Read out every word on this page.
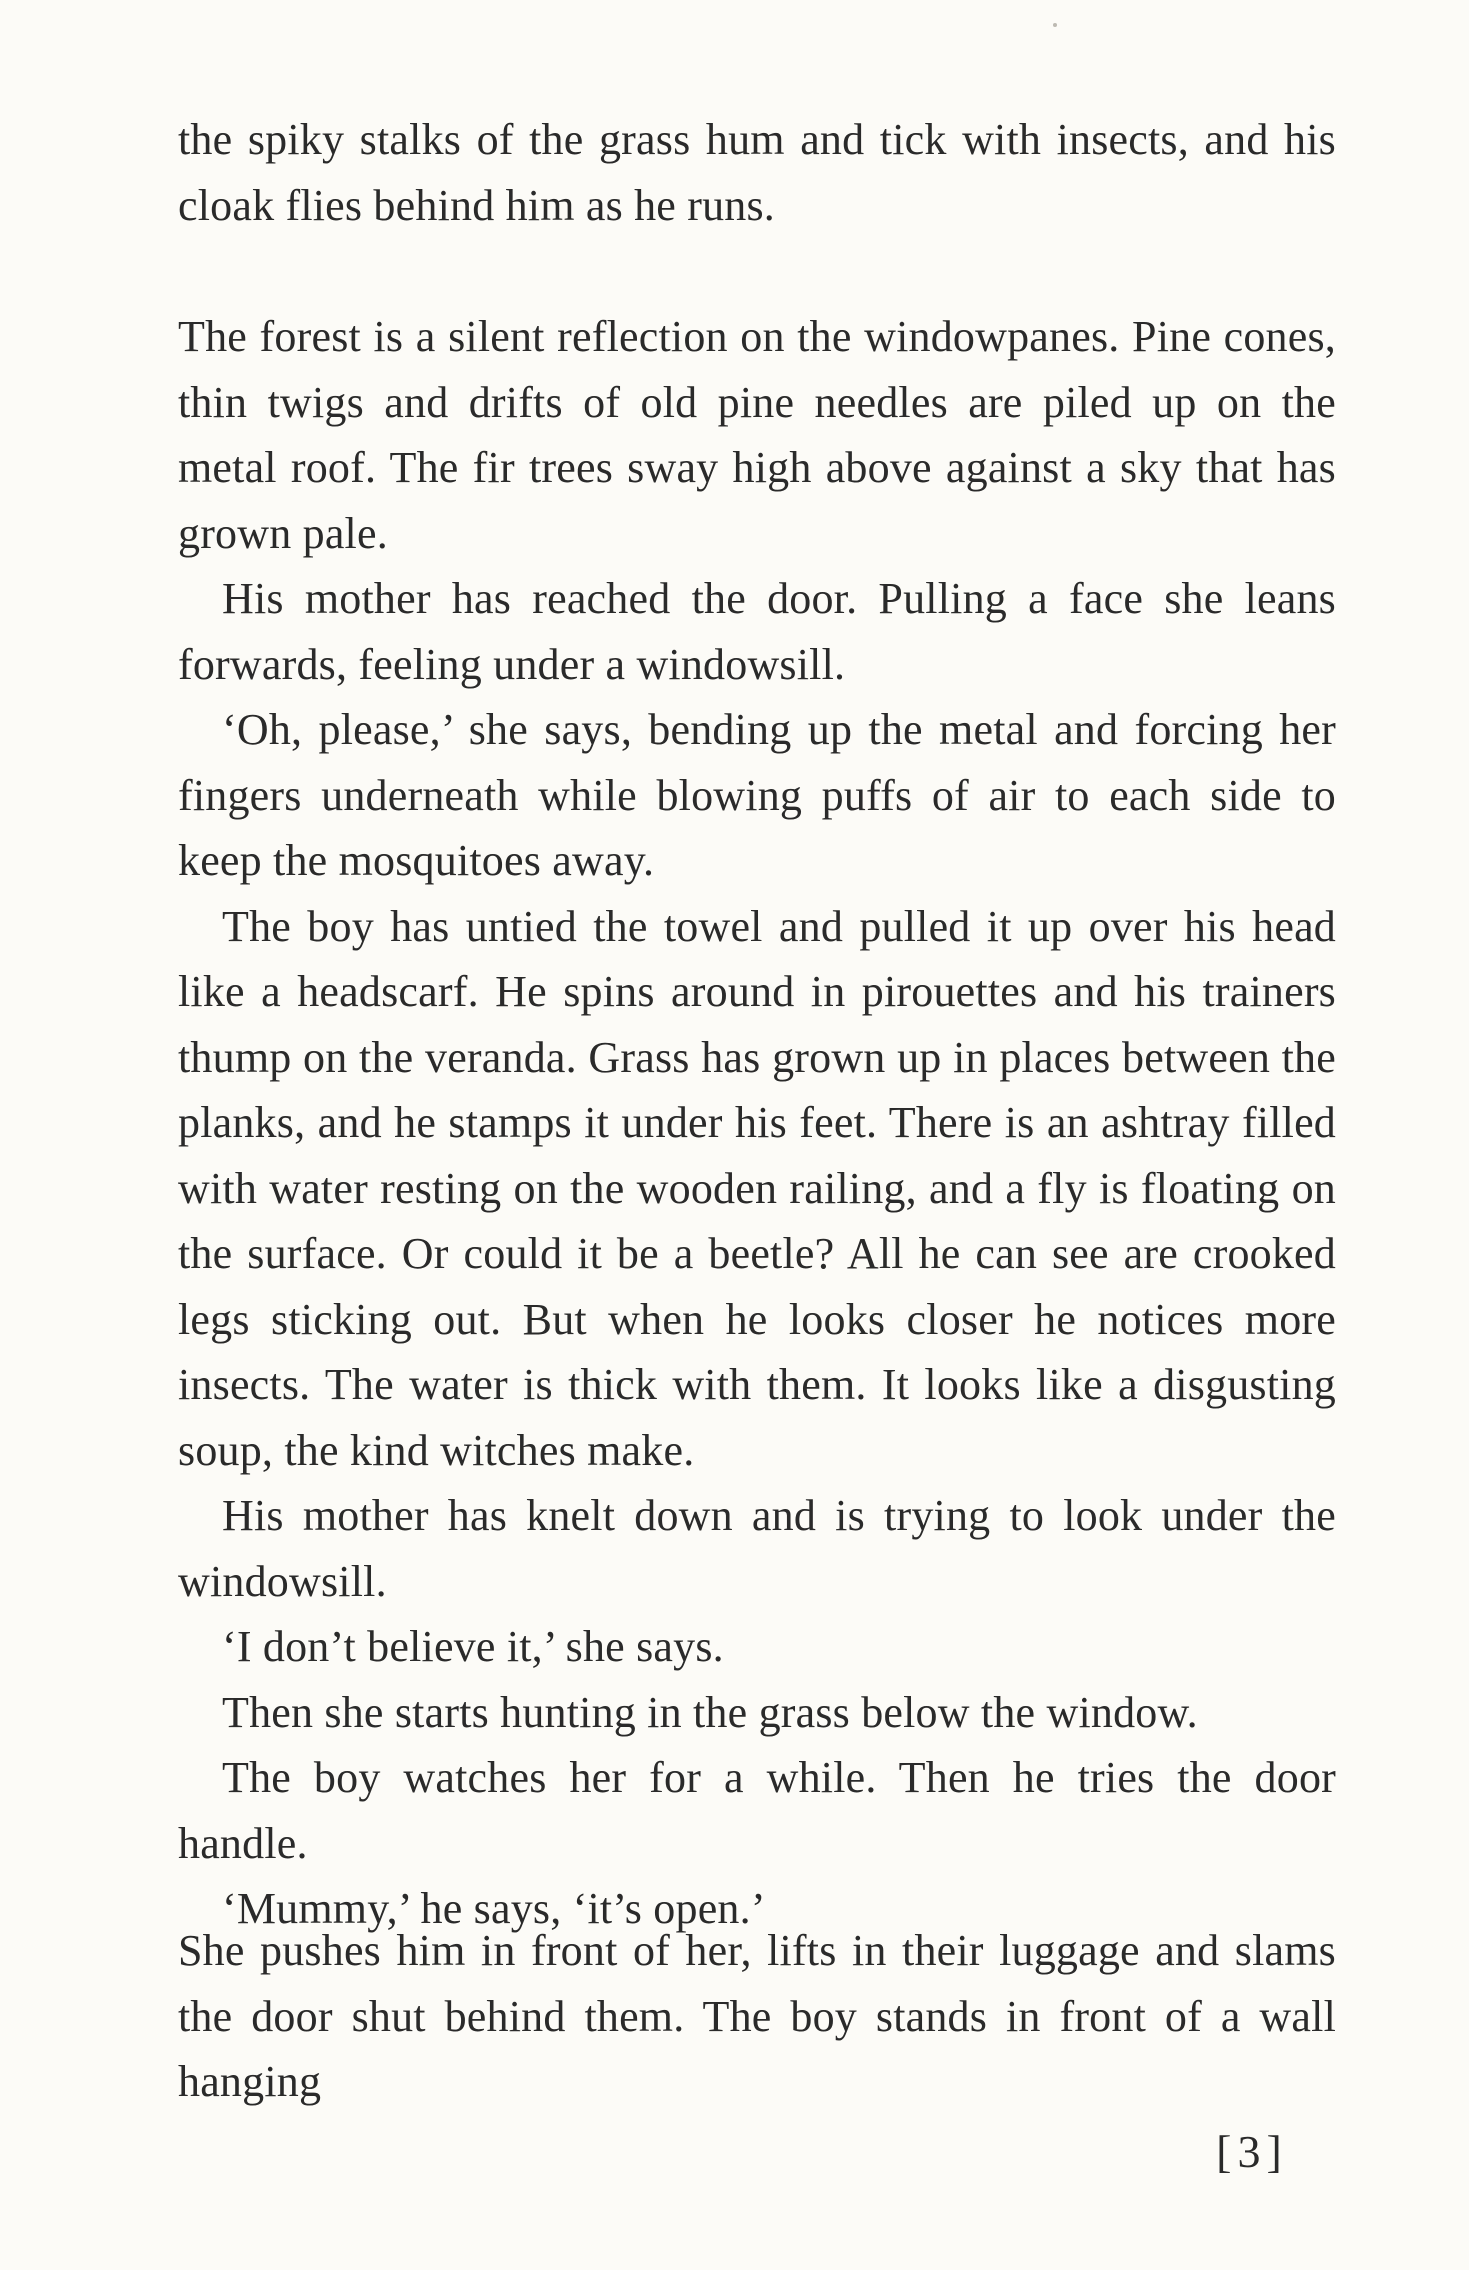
the spiky stalks of the grass hum and tick with insects, and his cloak flies behind him as he runs.

The forest is a silent reflection on the windowpanes. Pine cones, thin twigs and drifts of old pine needles are piled up on the metal roof. The fir trees sway high above against a sky that has grown pale.

His mother has reached the door. Pulling a face she leans forwards, feeling under a windowsill.

‘Oh, please,’ she says, bending up the metal and forcing her fingers underneath while blowing puffs of air to each side to keep the mosquitoes away.

The boy has untied the towel and pulled it up over his head like a headscarf. He spins around in pirouettes and his trainers thump on the veranda. Grass has grown up in places between the planks, and he stamps it under his feet. There is an ashtray filled with water resting on the wooden railing, and a fly is floating on the surface. Or could it be a beetle? All he can see are crooked legs sticking out. But when he looks closer he notices more insects. The water is thick with them. It looks like a disgusting soup, the kind witches make.

His mother has knelt down and is trying to look under the windowsill.

‘I don’t believe it,’ she says.

Then she starts hunting in the grass below the window.

The boy watches her for a while. Then he tries the door handle.

‘Mummy,’ he says, ‘it’s open.’

She pushes him in front of her, lifts in their luggage and slams the door shut behind them. The boy stands in front of a wall hanging

[3]
